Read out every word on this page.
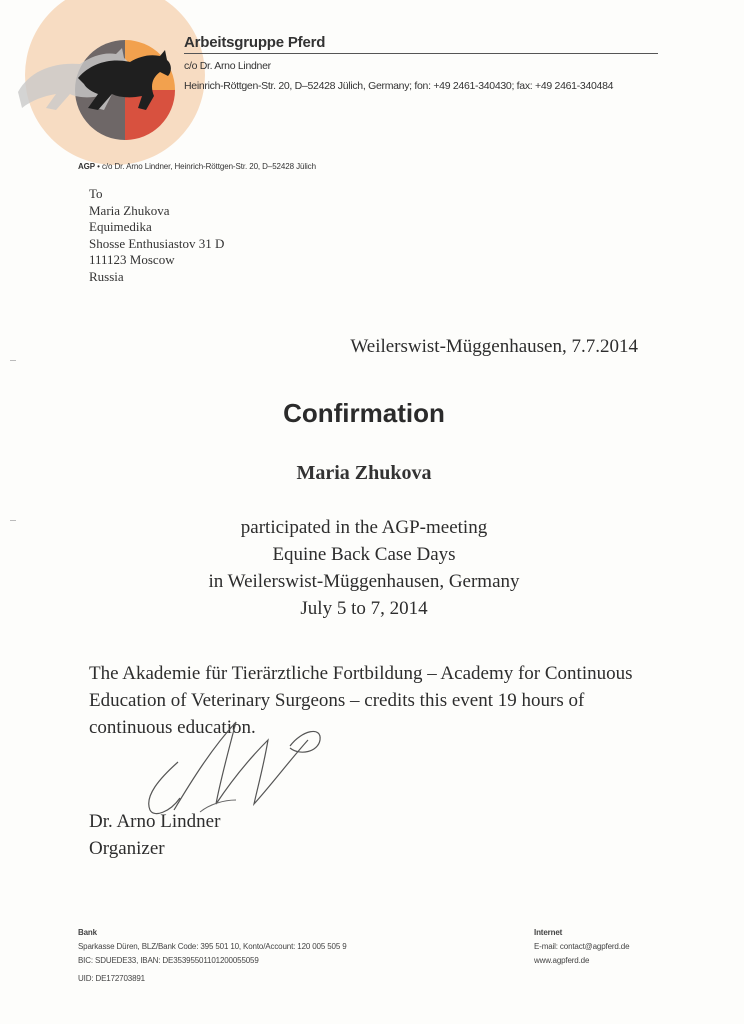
Arbeitsgruppe Pferd
c/o Dr. Arno Lindner
Heinrich-Röttgen-Str. 20, D–52428 Jülich, Germany; fon: +49 2461-340430; fax: +49 2461-340484
AGP • c/o Dr. Arno Lindner, Heinrich-Röttgen-Str. 20, D–52428 Jülich
To
Maria Zhukova
Equimedika
Shosse Enthusiastov 31 D
111123 Moscow
Russia
Weilerswist-Müggenhausen, 7.7.2014
Confirmation
Maria Zhukova
participated in the AGP-meeting
Equine Back Case Days
in Weilerswist-Müggenhausen, Germany
July 5 to 7, 2014
The Akademie für Tierärztliche Fortbildung – Academy for Continuous Education of Veterinary Surgeons – credits this event 19 hours of continuous education.
Dr. Arno Lindner
Organizer
Bank
Sparkasse Düren, BLZ/Bank Code: 395 501 10, Konto/Account: 120 005 505 9
BIC: SDUEDE33, IBAN: DE35395501101200055059
UID: DE172703891
Internet
E-mail: contact@agpferd.de
www.agpferd.de
